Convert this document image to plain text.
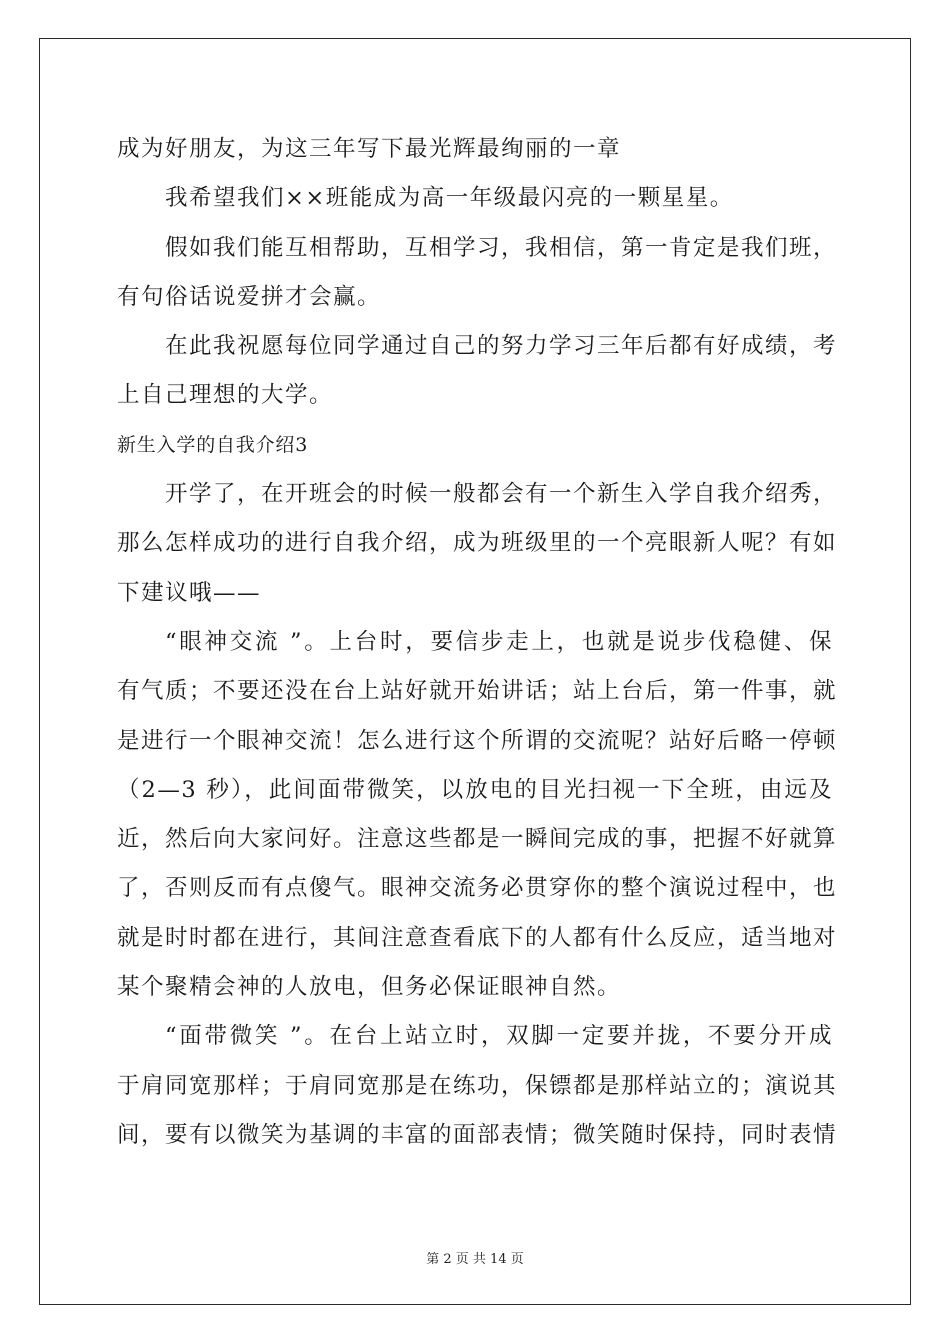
成为好朋友，为这三年写下最光辉最绚丽的一章
我希望我们××班能成为高一年级最闪亮的一颗星星。
假如我们能互相帮助，互相学习，我相信，第一肯定是我们班，
有句俗话说爱拼才会赢。
在此我祝愿每位同学通过自己的努力学习三年后都有好成绩，考
上自己理想的大学。
新生入学的自我介绍3
开学了，在开班会的时候一般都会有一个新生入学自我介绍秀，
那么怎样成功的进行自我介绍，成为班级里的一个亮眼新人呢？有如
下建议哦——
“眼神交流 ”。上台时，要信步走上，也就是说步伐稳健、保
有气质；不要还没在台上站好就开始讲话；站上台后，第一件事，就
是进行一个眼神交流！怎么进行这个所谓的交流呢？站好后略一停顿
（2—3 秒），此间面带微笑，以放电的目光扫视一下全班，由远及
近，然后向大家问好。注意这些都是一瞬间完成的事，把握不好就算
了，否则反而有点傻气。眼神交流务必贯穿你的整个演说过程中，也
就是时时都在进行，其间注意查看底下的人都有什么反应，适当地对
某个聚精会神的人放电，但务必保证眼神自然。
“面带微笑 ”。在台上站立时，双脚一定要并拢，不要分开成
于肩同宽那样；于肩同宽那是在练功，保镖都是那样站立的；演说其
间，要有以微笑为基调的丰富的面部表情；微笑随时保持，同时表情
第 2 页 共 14 页
